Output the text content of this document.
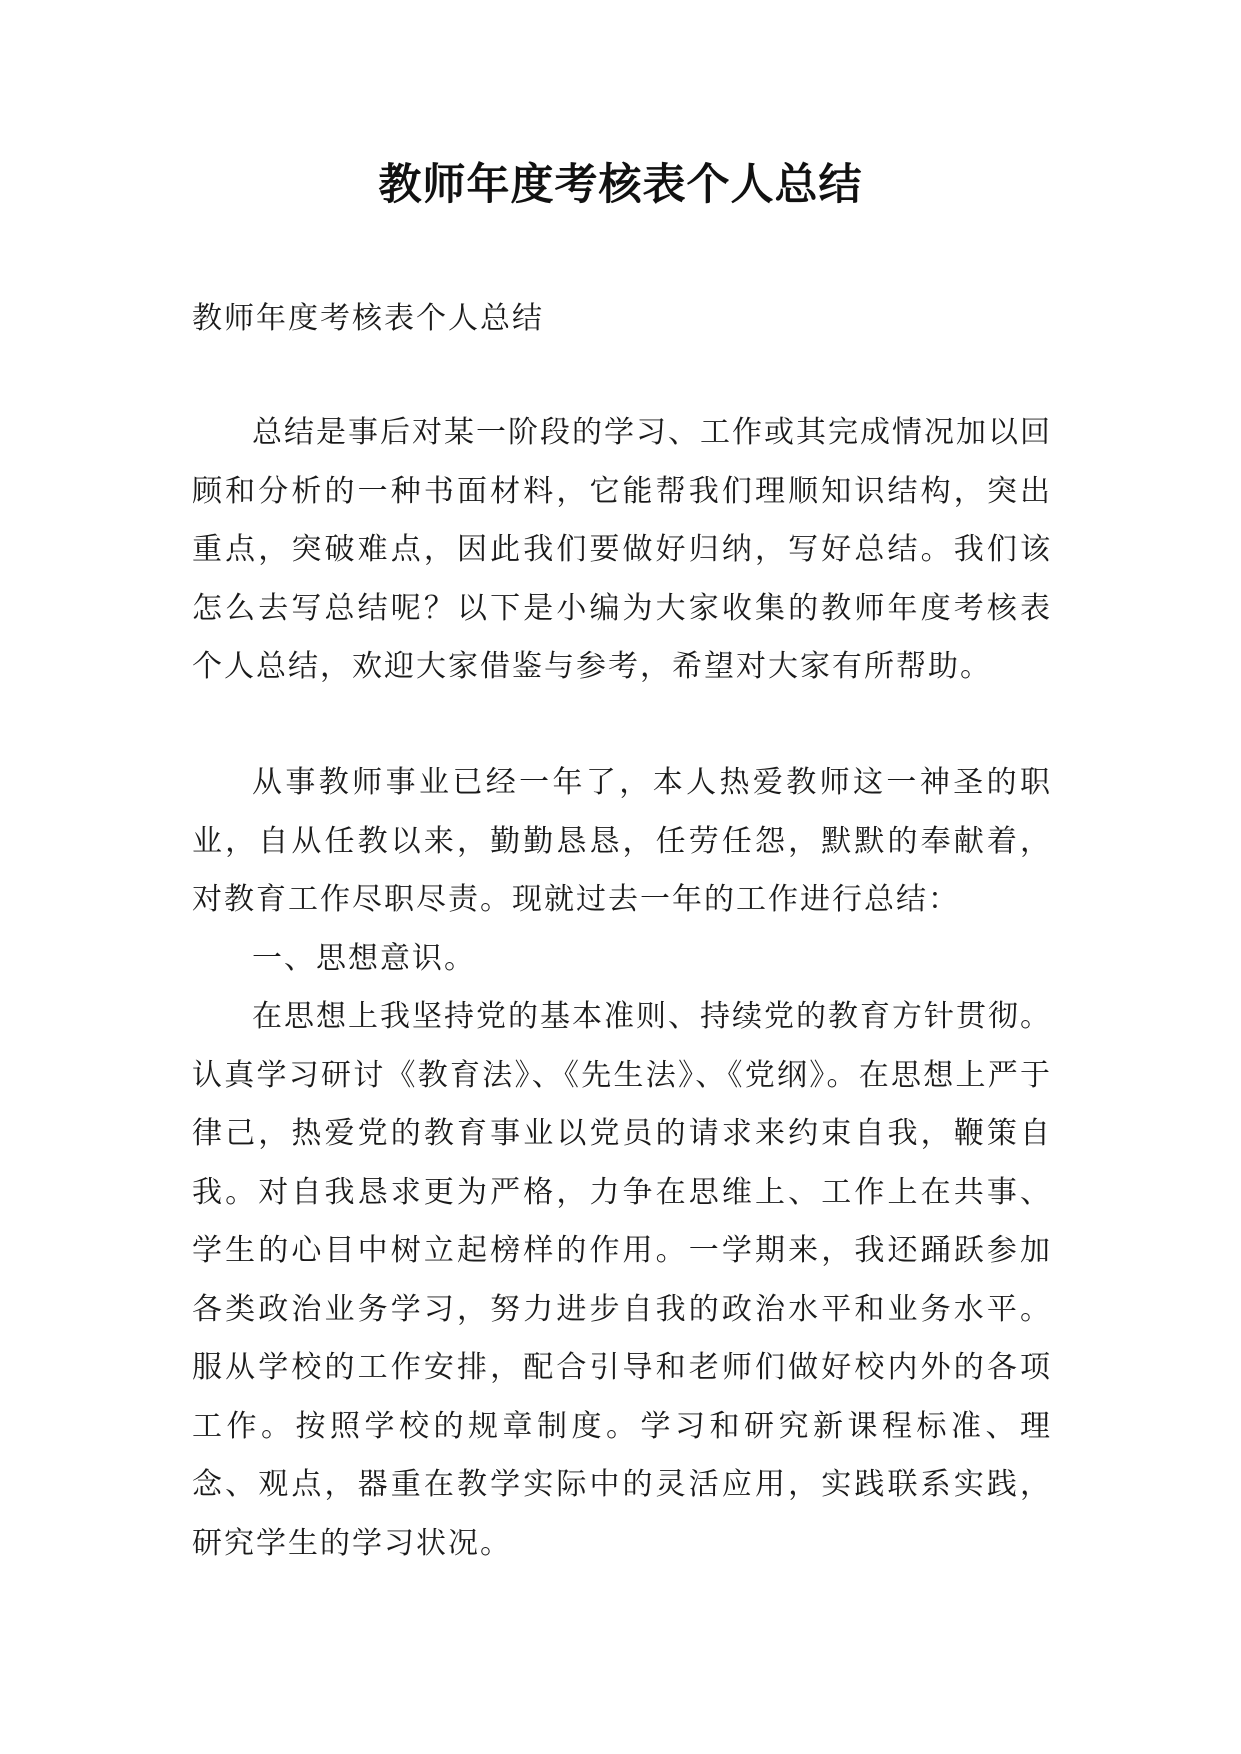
教师年度考核表个人总结
教师年度考核表个人总结

总结是事后对某一阶段的学习、工作或其完成情况加以回顾和分析的一种书面材料，它能帮我们理顺知识结构，突出重点，突破难点，因此我们要做好归纳，写好总结。我们该怎么去写总结呢？以下是小编为大家收集的教师年度考核表个人总结，欢迎大家借鉴与参考，希望对大家有所帮助。

从事教师事业已经一年了，本人热爱教师这一神圣的职业，自从任教以来，勤勤恳恳，任劳任怨，默默的奉献着，对教育工作尽职尽责。现就过去一年的工作进行总结：

一、思想意识。

在思想上我坚持党的基本准则、持续党的教育方针贯彻。认真学习研讨《教育法》、《先生法》、《党纲》。在思想上严于律己，热爱党的教育事业以党员的请求来约束自我，鞭策自我。对自我恳求更为严格，力争在思维上、工作上在共事、学生的心目中树立起榜样的作用。一学期来，我还踊跃参加各类政治业务学习，努力进步自我的政治水平和业务水平。服从学校的工作安排，配合引导和老师们做好校内外的各项工作。按照学校的规章制度。学习和研究新课程标准、理念、观点，器重在教学实际中的灵活应用，实践联系实践，研究学生的学习状况。
